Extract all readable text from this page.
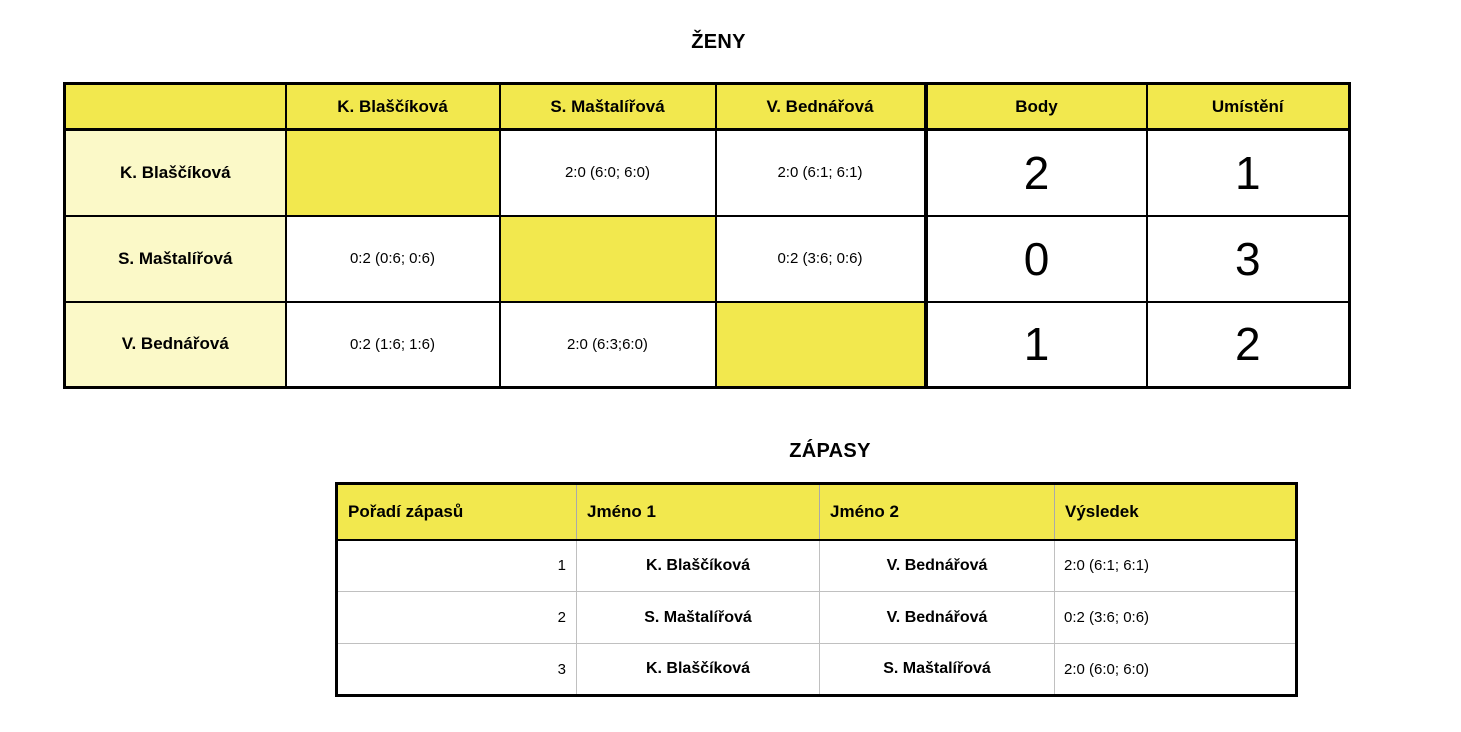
ŽENY
	K. Blaščíková	S. Maštalířová	V. Bednářová	Body	Umístění
K. Blaščíková		2:0 (6:0; 6:0)	2:0 (6:1; 6:1)	2	1
S. Maštalířová	0:2 (0:6; 0:6)		0:2 (3:6; 0:6)	0	3
V. Bednářová	0:2 (1:6; 1:6)	2:0 (6:3;6:0)		1	2
ZÁPASY
Pořadí zápasů	Jméno 1	Jméno 2	Výsledek
1	K. Blaščíková	V. Bednářová	2:0 (6:1; 6:1)
2	S. Maštalířová	V. Bednářová	0:2 (3:6; 0:6)
3	K. Blaščíková	S. Maštalířová	2:0 (6:0; 6:0)
